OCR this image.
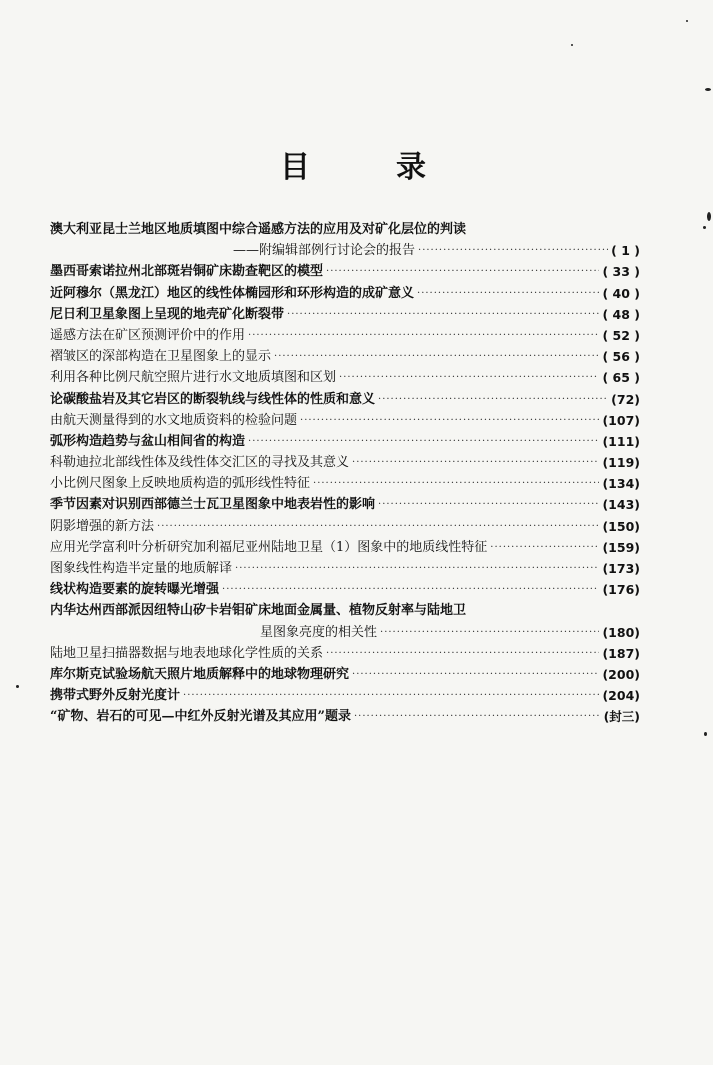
目	录
澳大利亚昆士兰地区地质填图中综合遥感方法的应用及对矿化层位的判读
——附编辑部例行讨论会的报告 ·····	( 1 )
墨西哥索诺拉州北部斑岩铜矿床勘查靶区的模型 ·····	( 33 )
近阿穆尔（黑龙江）地区的线性体椭园形和环形构造的成矿意义 ·····	( 40 )
尼日利卫星象图上呈现的地壳矿化断裂带 ·····	( 48 )
遥感方法在矿区预测评价中的作用 ·····	( 52 )
褶皱区的深部构造在卫星图象上的显示 ·····	( 56 )
利用各种比例尺航空照片进行水文地质填图和区划 ·····	( 65 )
论碳酸盐岩及其它岩区的断裂轨线与线性体的性质和意义 ·····	(72)
由航天测量得到的水文地质资料的检验问题 ·····	(107)
弧形构造趋势与盆山相间省的构造 ·····	(111)
科勒迪拉北部线性体及线性体交汇区的寻找及其意义 ·····	(119)
小比例尺图象上反映地质构造的弧形线性特征 ·····	(134)
季节因素对识别西部德兰士瓦卫星图象中地表岩性的影响 ·····	(143)
阴影增强的新方法 ·····	(150)
应用光学富利叶分析研究加利福尼亚州陆地卫星（1）图象中的地质线性特征 ·····	(159)
图象线性构造半定量的地质解译 ·····	(173)
线状构造要素的旋转曝光增强 ·····	(176)
内华达州西部派因纽特山矽卡岩钼矿床地面金属量、植物反射率与陆地卫
星图象亮度的相关性 ·····	(180)
陆地卫星扫描器数据与地表地球化学性质的关系 ·····	(187)
库尔斯克试验场航天照片地质解释中的地球物理研究 ·····	(200)
携带式野外反射光度计 ·····	(204)
“矿物、岩石的可见—中红外反射光谱及其应用”题录 ·····	(封三)
